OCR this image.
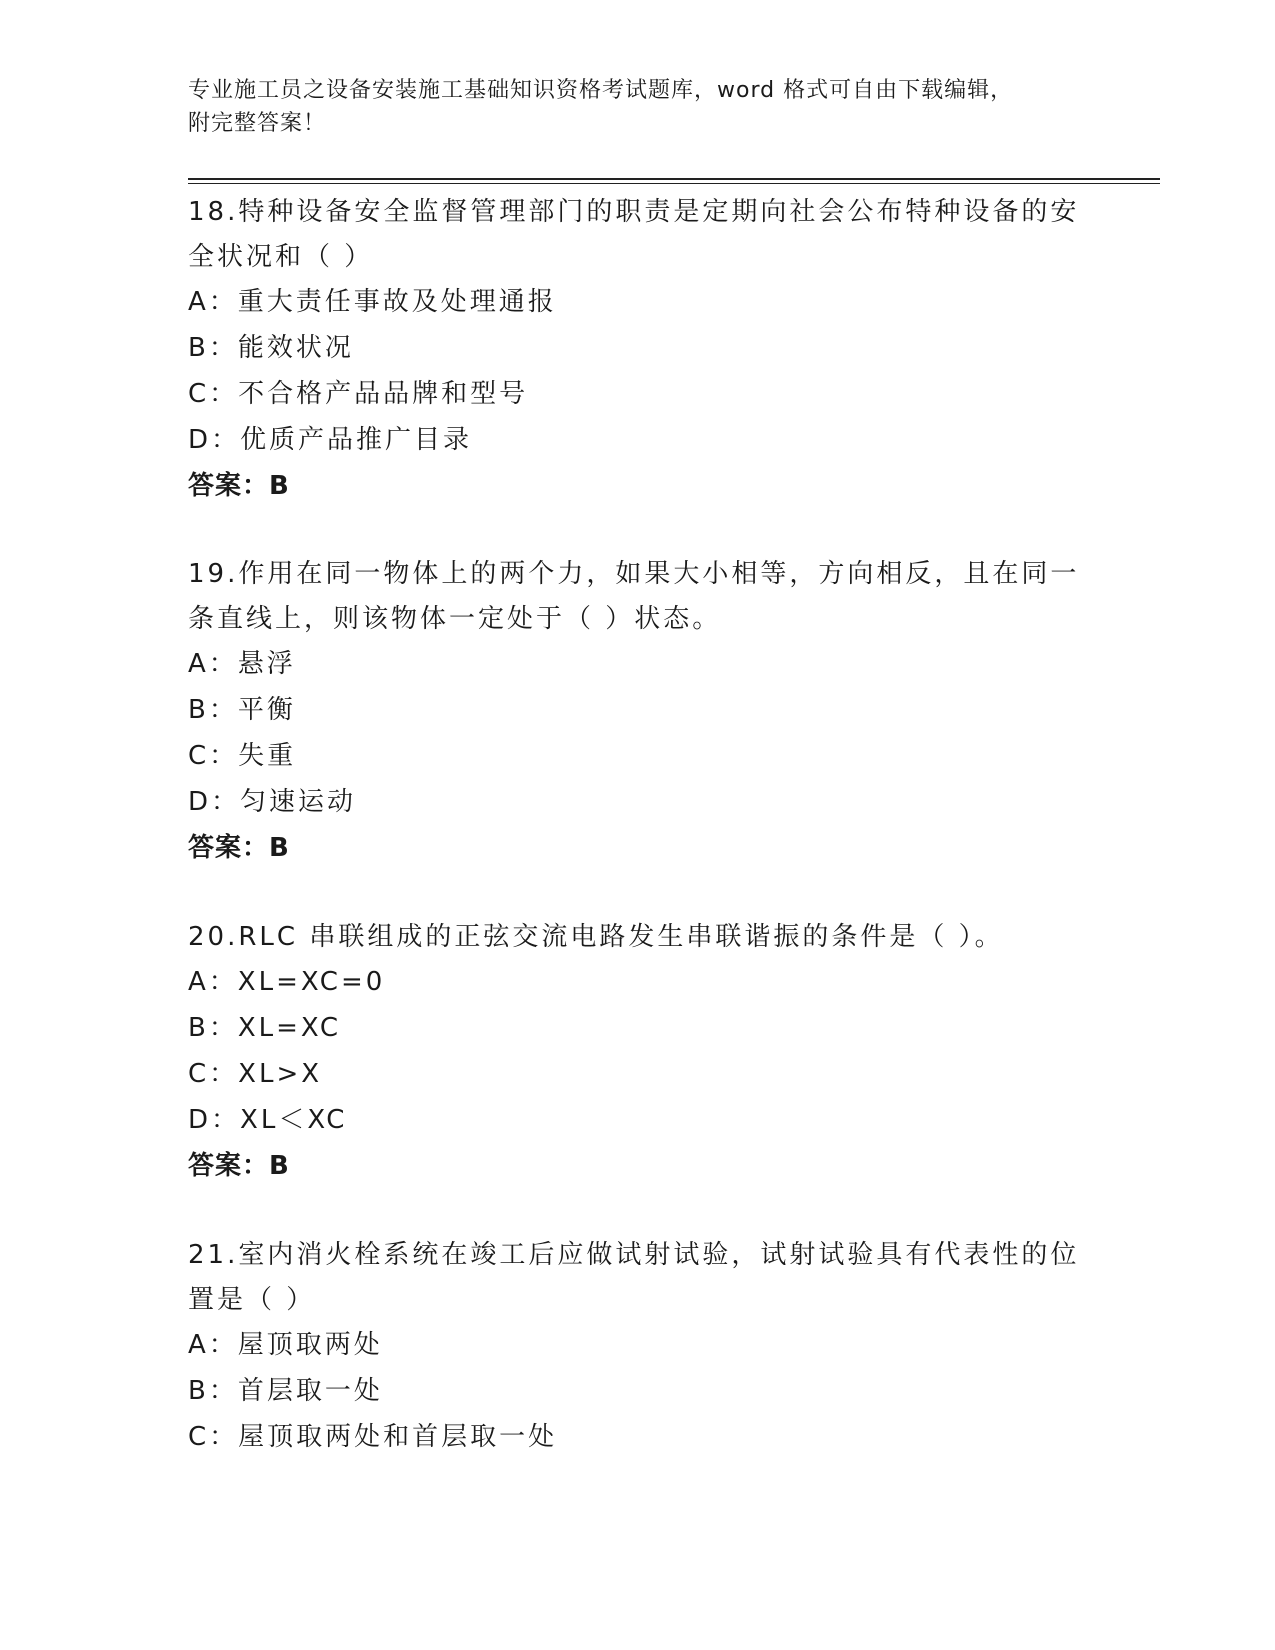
专业施工员之设备安装施工基础知识资格考试题库，word 格式可自由下载编辑，
附完整答案！

18.特种设备安全监督管理部门的职责是定期向社会公布特种设备的安

全状况和（ ）

A：重大责任事故及处理通报

B：能效状况

C：不合格产品品牌和型号

D：优质产品推广目录

答案：B

19.作用在同一物体上的两个力，如果大小相等，方向相反，且在同一

条直线上，则该物体一定处于（ ）状态。

A：悬浮

B：平衡

C：失重

D：匀速运动

答案：B

20.RLC 串联组成的正弦交流电路发生串联谐振的条件是（ ）。

A：XL=XC=0

B：XL=XC

C：XL>X

D：XL＜XC

答案：B

21.室内消火栓系统在竣工后应做试射试验，试射试验具有代表性的位

置是（ ）

A：屋顶取两处

B：首层取一处

C：屋顶取两处和首层取一处
